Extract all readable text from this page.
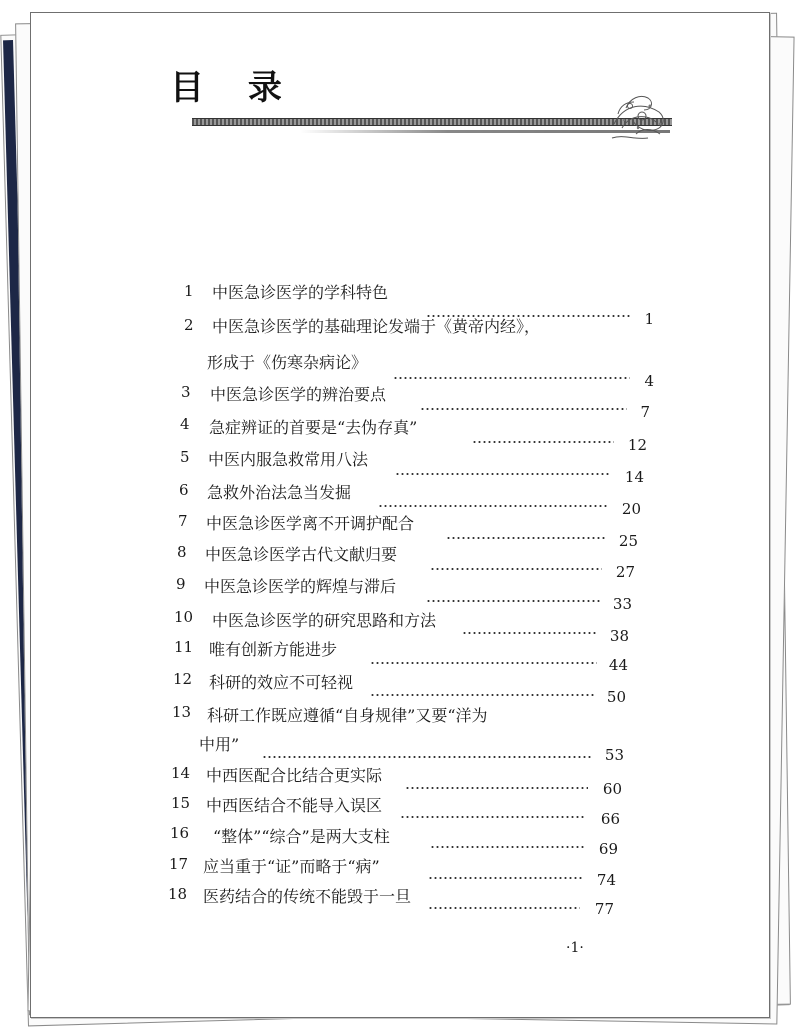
目 录
1 中医急诊医学的学科特色
1
2 中医急诊医学的基础理论发端于《黄帝内经》，
形成于《伤寒杂病论》
4
3 中医急诊医学的辨治要点
7
4 急症辨证的首要是“去伪存真”
12
5 中医内服急救常用八法
14
6 急救外治法急当发掘
20
7 中医急诊医学离不开调护配合
25
8 中医急诊医学古代文献归要
27
9 中医急诊医学的辉煌与滞后
33
10 中医急诊医学的研究思路和方法
38
11 唯有创新方能进步
44
12 科研的效应不可轻视
50
13 科研工作既应遵循“自身规律”又要“洋为
中用”
53
14 中西医配合比结合更实际
60
15 中西医结合不能导入误区
66
16 “整体”“综合”是两大支柱
69
17 应当重于“证”而略于“病”
74
18 医药结合的传统不能毁于一旦
77
·1·
